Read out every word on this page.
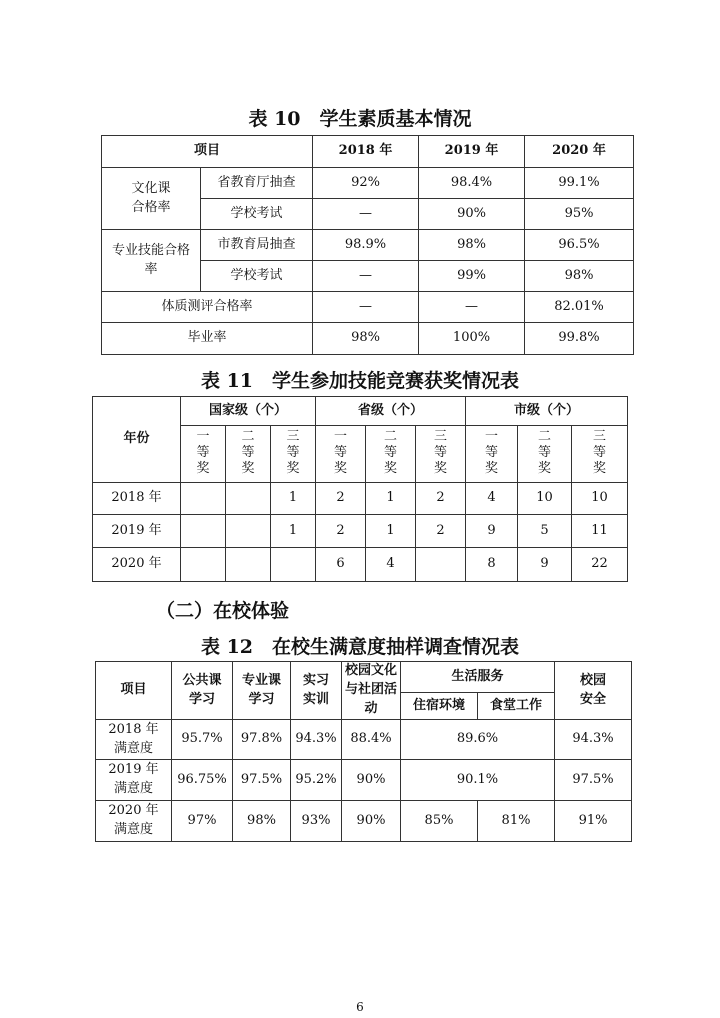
表 10　学生素质基本情况
项目		2018 年	2019 年	2020 年
文化课合格率	省教育厅抽查	92%	98.4%	99.1%
	学校考试	—	90%	95%
专业技能合格率	市教育局抽查	98.9%	98%	96.5%
	学校考试	—	99%	98%
体质测评合格率		—	—	82.01%
毕业率		98%	100%	99.8%
表 11　学生参加技能竞赛获奖情况表
年份	国家级（个）			省级（个）			市级（个）		
	一等奖	二等奖	三等奖	一等奖	二等奖	三等奖	一等奖	二等奖	三等奖
2018 年			1	2	1	2	4	10	10
2019 年			1	2	1	2	9	5	11
2020 年				6	4		8	9	22
（二）在校体验
表 12　在校生满意度抽样调查情况表
项目	公共课学习	专业课学习	实习实训	校园文化与社团活动	生活服务		校园安全
					住宿环境	食堂工作	
2018 年满意度	95.7%	97.8%	94.3%	88.4%	89.6%		94.3%
2019 年满意度	96.75%	97.5%	95.2%	90%	90.1%		97.5%
2020 年满意度	97%	98%	93%	90%	85%	81%	91%
6
